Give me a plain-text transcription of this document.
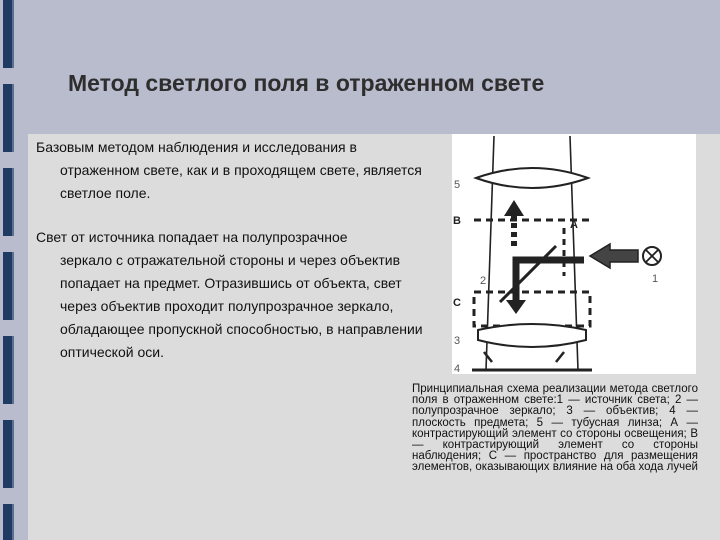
Метод светлого поля в отраженном свете

Базовым методом наблюдения и исследования в
отраженном свете, как и в проходящем свете, является светлое поле.

Свет от источника попадает на полупрозрачное
зеркало с отражательной стороны и через объектив попадает на предмет. Отразившись от объекта, свет через объектив проходит полупрозрачное зеркало, обладающее пропускной способностью, в направлении оптической оси.

5
B	A
2	1
C
3
4

Принципиальная схема реализации метода светлого поля в отраженном свете:1 — источник света; 2 — полупрозрачное зеркало; 3 — объектив; 4 — плоскость предмета; 5 — тубусная линза; А — контрастирующий элемент со стороны освещения; В — контрастирующий элемент со стороны наблюдения; С — пространство для размещения элементов, оказывающих влияние на оба хода лучей
